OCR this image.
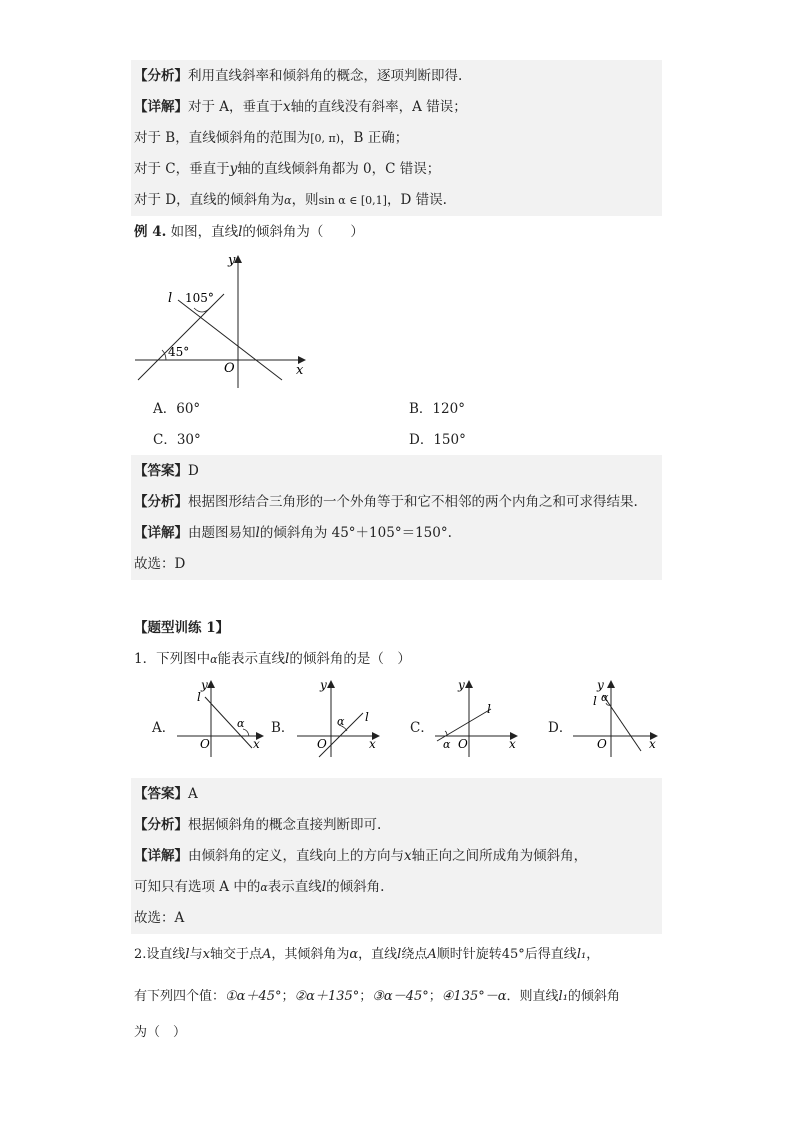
【分析】利用直线斜率和倾斜角的概念，逐项判断即得.
【详解】对于 A，垂直于x轴的直线没有斜率，A 错误；
对于 B，直线倾斜角的范围为[0, π)，B 正确；
对于 C，垂直于y轴的直线倾斜角都为 0，C 错误；
对于 D，直线的倾斜角为α，则sin α ∈ [0,1]，D 错误.
例 4. 如图，直线l的倾斜角为（　　）
y
x
O
l 105°
45°
A．60°	B．120°
C．30°	D．150°
【答案】D
【分析】根据图形结合三角形的一个外角等于和它不相邻的两个内角之和可求得结果.
【详解】由题图易知l的倾斜角为 45°＋105°＝150°.
故选：D
【题型训练 1】
1．下列图中α能表示直线l的倾斜角的是（　）
A．
y
x
O
l
α B．
y
x
O
l
α	C．
y
x
O
l
α
D．
y
x
O
l α
【答案】A
【分析】根据倾斜角的概念直接判断即可.
【详解】由倾斜角的定义，直线向上的方向与x轴正向之间所成角为倾斜角，
可知只有选项 A 中的α表示直线l的倾斜角.
故选：A
2.设直线l与x轴交于点A，其倾斜角为α，直线l绕点A顺时针旋转45°后得直线l₁，
有下列四个值：①α＋45°；②α＋135°；③α－45°；④135°－α．则直线l₁的倾斜角
为（　）
